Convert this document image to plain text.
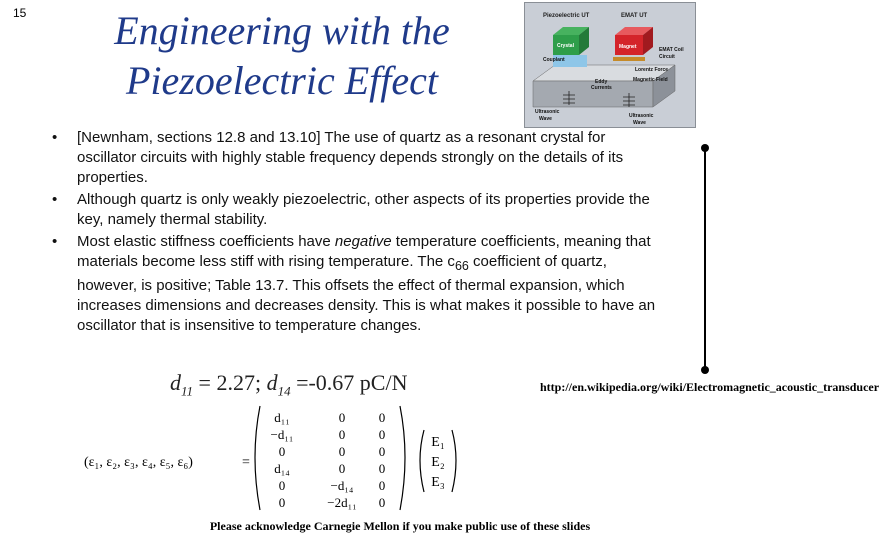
15	Engineering with the Piezoelectric Effect
Piezoelectric UT	EMAT UT
Couplant
Crystal	Magnet	EMAT Coil
Circuit
Lorentz Force
Magnetic Field
Eddy
Currents
Ultrasonic
Wave	Ultrasonic
Wave
• [Newnham, sections 12.8 and 13.10] The use of quartz as a resonant crystal for oscillator circuits with highly stable frequency depends strongly on the details of its properties.
• Although quartz is only weakly piezoelectric, other aspects of its properties provide the key, namely thermal stability.
• Most elastic stiffness coefficients have negative temperature coefficients, meaning that materials become less stiff with rising temperature. The $c_{66}$ coefficient of quartz, however, is positive; Table 13.7. This offsets the effect of thermal expansion, which increases dimensions and decreases density. This is what makes it possible to have an oscillator that is insensitive to temperature changes.
$d_{11} = 2.27$; $d_{14} =-0.67$ pC/N	http://en.wikipedia.org/wiki/Electromagnetic_acoustic_transducer
(ε₁, ε₂, ε₃, ε₄, ε₅, ε₆)	=
d₁₁	0	0
−d₁₁	0	0
0	0	0
d₁₄	0	0
0	−d₁₄ 0
0	−2d₁₁ 0
E₁
E₂
E₃
Please acknowledge Carnegie Mellon if you make public use of these slides
